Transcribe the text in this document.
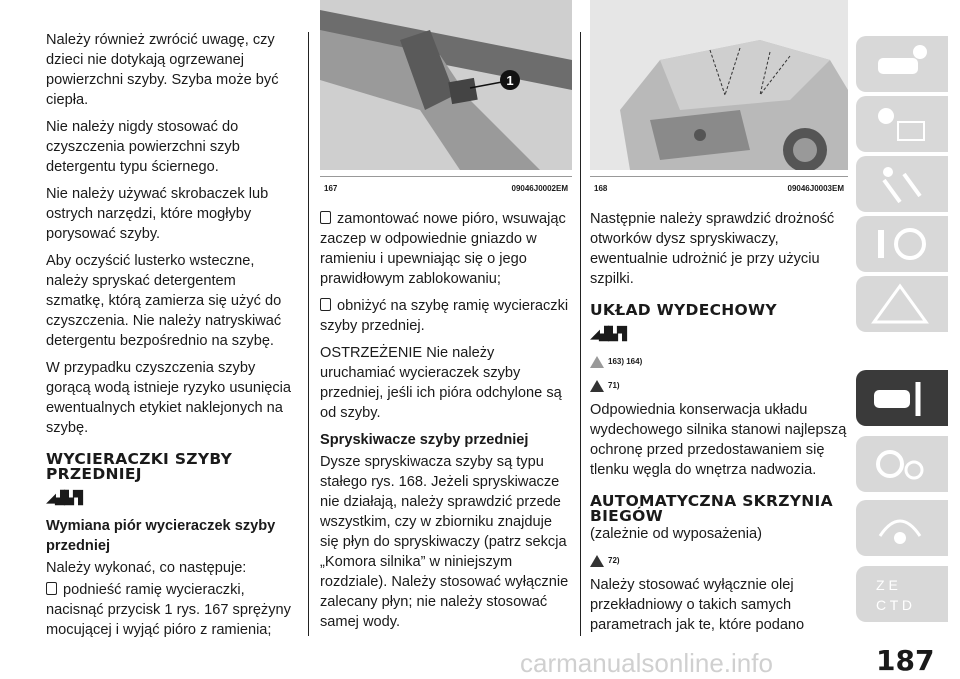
Należy również zwrócić uwagę, czy dzieci nie dotykają ogrzewanej powierzchni szyby. Szyba może być ciepła.

Nie należy nigdy stosować do czyszczenia powierzchni szyb detergentu typu ściernego.

Nie należy używać skrobaczek lub ostrych narzędzi, które mogłyby porysować szyby.

Aby oczyścić lusterko wsteczne, należy spryskać detergentem szmatkę, którą zamierza się użyć do czyszczenia. Nie należy natryskiwać detergentu bezpośrednio na szybę.

W przypadku czyszczenia szyby gorącą wodą istnieje ryzyko usunięcia ewentualnych etykiet naklejonych na szybę.

WYCIERACZKI SZYBY PRZEDNIEJ
◢▟▙▜
Wymiana piór wycieraczek szyby przedniej

Należy wykonać, co następuje:

podnieść ramię wycieraczki, nacisnąć przycisk 1 rys. 167 sprężyny mocującej i wyjąć pióro z ramienia;

1
167	09046J0002EM

zamontować nowe pióro, wsuwając zaczep w odpowiednie gniazdo w ramieniu i upewniając się o jego prawidłowym zablokowaniu;

obniżyć na szybę ramię wycieraczki szyby przedniej.

OSTRZEŻENIE Nie należy uruchamiać wycieraczek szyby przedniej, jeśli ich pióra odchylone są od szyby.

Spryskiwacze szyby przedniej

Dysze spryskiwacza szyby są typu stałego rys. 168. Jeżeli spryskiwacze nie działają, należy sprawdzić przede wszystkim, czy w zbiorniku znajduje się płyn do spryskiwaczy (patrz sekcja „Komora silnika” w niniejszym rozdziale). Należy stosować wyłącznie zalecany płyn; nie należy stosować samej wody.

168	09046J0003EM

Następnie należy sprawdzić drożność otworków dysz spryskiwaczy, ewentualnie udrożnić je przy użyciu szpilki.

UKŁAD WYDECHOWY
◢▟▙▜
163) 164)
71)

Odpowiednia konserwacja układu wydechowego silnika stanowi najlepszą ochronę przed przedostawaniem się tlenku węgla do wnętrza nadwozia.

AUTOMATYCZNA SKRZYNIA BIEGÓW

(zależnie od wyposażenia)

72)

Należy stosować wyłącznie olej przekładniowy o takich samych parametrach jak te, które podano

Z E
C T D
carmanualsonline.info	187
